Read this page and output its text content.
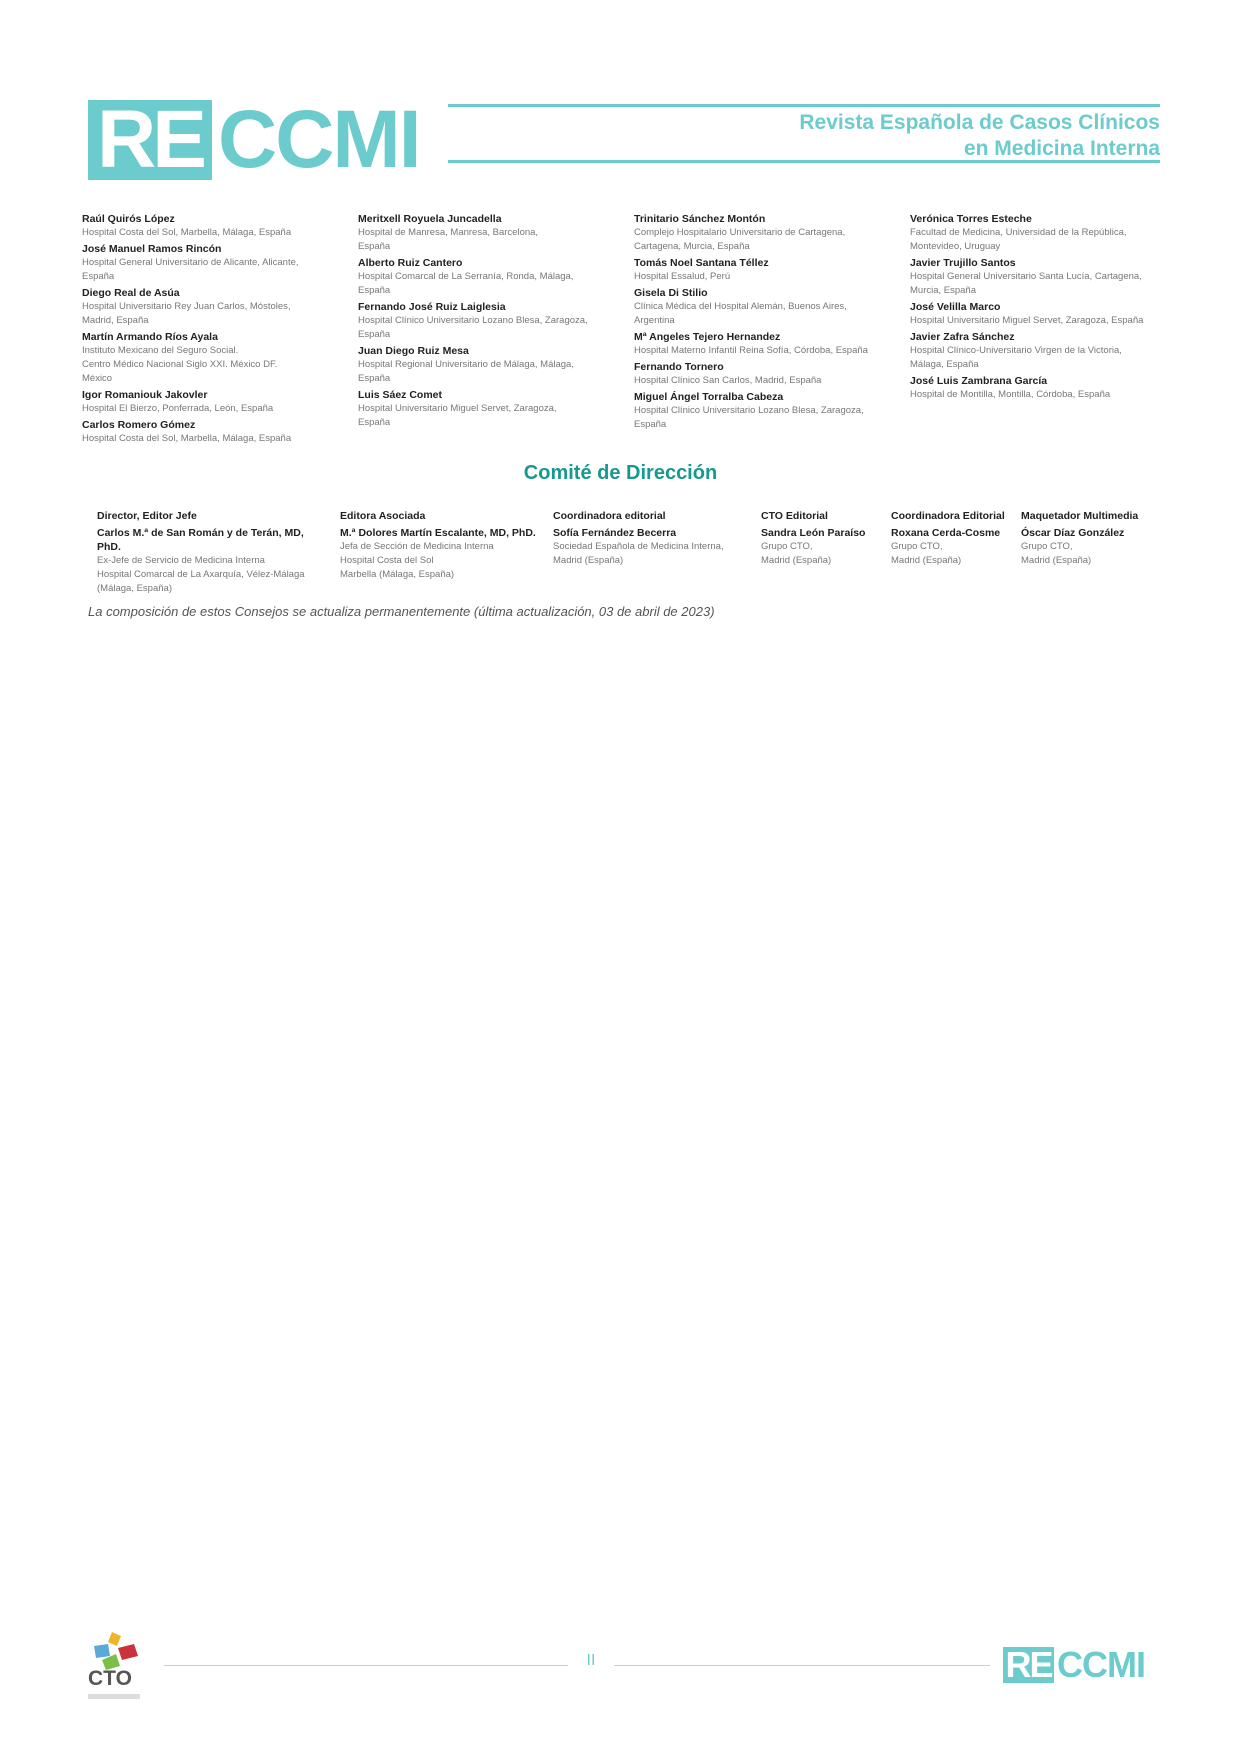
RE CCMI	Revista Española de Casos Clínicos
en Medicina Interna
Raúl Quirós López
Hospital Costa del Sol, Marbella, Málaga, España
José Manuel Ramos Rincón
Hospital General Universitario de Alicante, Alicante,
España
Diego Real de Asúa
Hospital Universitario Rey Juan Carlos, Móstoles,
Madrid, España
Martín Armando Ríos Ayala
Instituto Mexicano del Seguro Social.
Centro Médico Nacional Siglo XXI. México DF.
México
Igor Romaniouk Jakovler
Hospital El Bierzo, Ponferrada, León, España
Carlos Romero Gómez
Hospital Costa del Sol, Marbella, Málaga, España
Meritxell Royuela Juncadella
Hospital de Manresa, Manresa, Barcelona,
España
Alberto Ruiz Cantero
Hospital Comarcal de La Serranía, Ronda, Málaga,
España
Fernando José Ruiz Laiglesia
Hospital Clínico Universitario Lozano Blesa, Zaragoza,
España
Juan Diego Ruiz Mesa
Hospital Regional Universitario de Málaga, Málaga,
España
Luis Sáez Comet
Hospital Universitario Miguel Servet, Zaragoza,
España
Trinitario Sánchez Montón
Complejo Hospitalario Universitario de Cartagena,
Cartagena, Murcia, España
Tomás Noel Santana Téllez
Hospital Essalud, Perú
Gisela Di Stilio
Clínica Médica del Hospital Alemán, Buenos Aires,
Argentina
Mª Angeles Tejero Hernandez
Hospital Materno Infantil Reina Sofía, Córdoba, España
Fernando Tornero
Hospital Clínico San Carlos, Madrid, España
Miguel Ángel Torralba Cabeza
Hospital Clínico Universitario Lozano Blesa, Zaragoza,
España
Verónica Torres Esteche
Facultad de Medicina, Universidad de la República,
Montevideo, Uruguay
Javier Trujillo Santos
Hospital General Universitario Santa Lucía, Cartagena,
Murcia, España
José Velilla Marco
Hospital Universitario Miguel Servet, Zaragoza, España
Javier Zafra Sánchez
Hospital Clínico-Universitario Virgen de la Victoria,
Málaga, España
José Luis Zambrana García
Hospital de Montilla, Montilla, Córdoba, España
Comité de Dirección
Director, Editor Jefe
Carlos M.ª de San Román y de Terán, MD, PhD.
Ex-Jefe de Servicio de Medicina Interna
Hospital Comarcal de La Axarquía, Vélez-Málaga
(Málaga, España)
Editora Asociada
M.ª Dolores Martín Escalante, MD, PhD.
Jefa de Sección de Medicina Interna
Hospital Costa del Sol
Marbella (Málaga, España)
Coordinadora editorial
Sofía Fernández Becerra
Sociedad Española de Medicina Interna,
Madrid (España)
CTO Editorial
Sandra León Paraíso
Grupo CTO,
Madrid (España)
Coordinadora Editorial
Roxana Cerda-Cosme
Grupo CTO,
Madrid (España)
Maquetador Multimedia
Óscar Díaz González
Grupo CTO,
Madrid (España)
La composición de estos Consejos se actualiza permanentemente (última actualización, 03 de abril de 2023)
CTO
II	RE CCMI
